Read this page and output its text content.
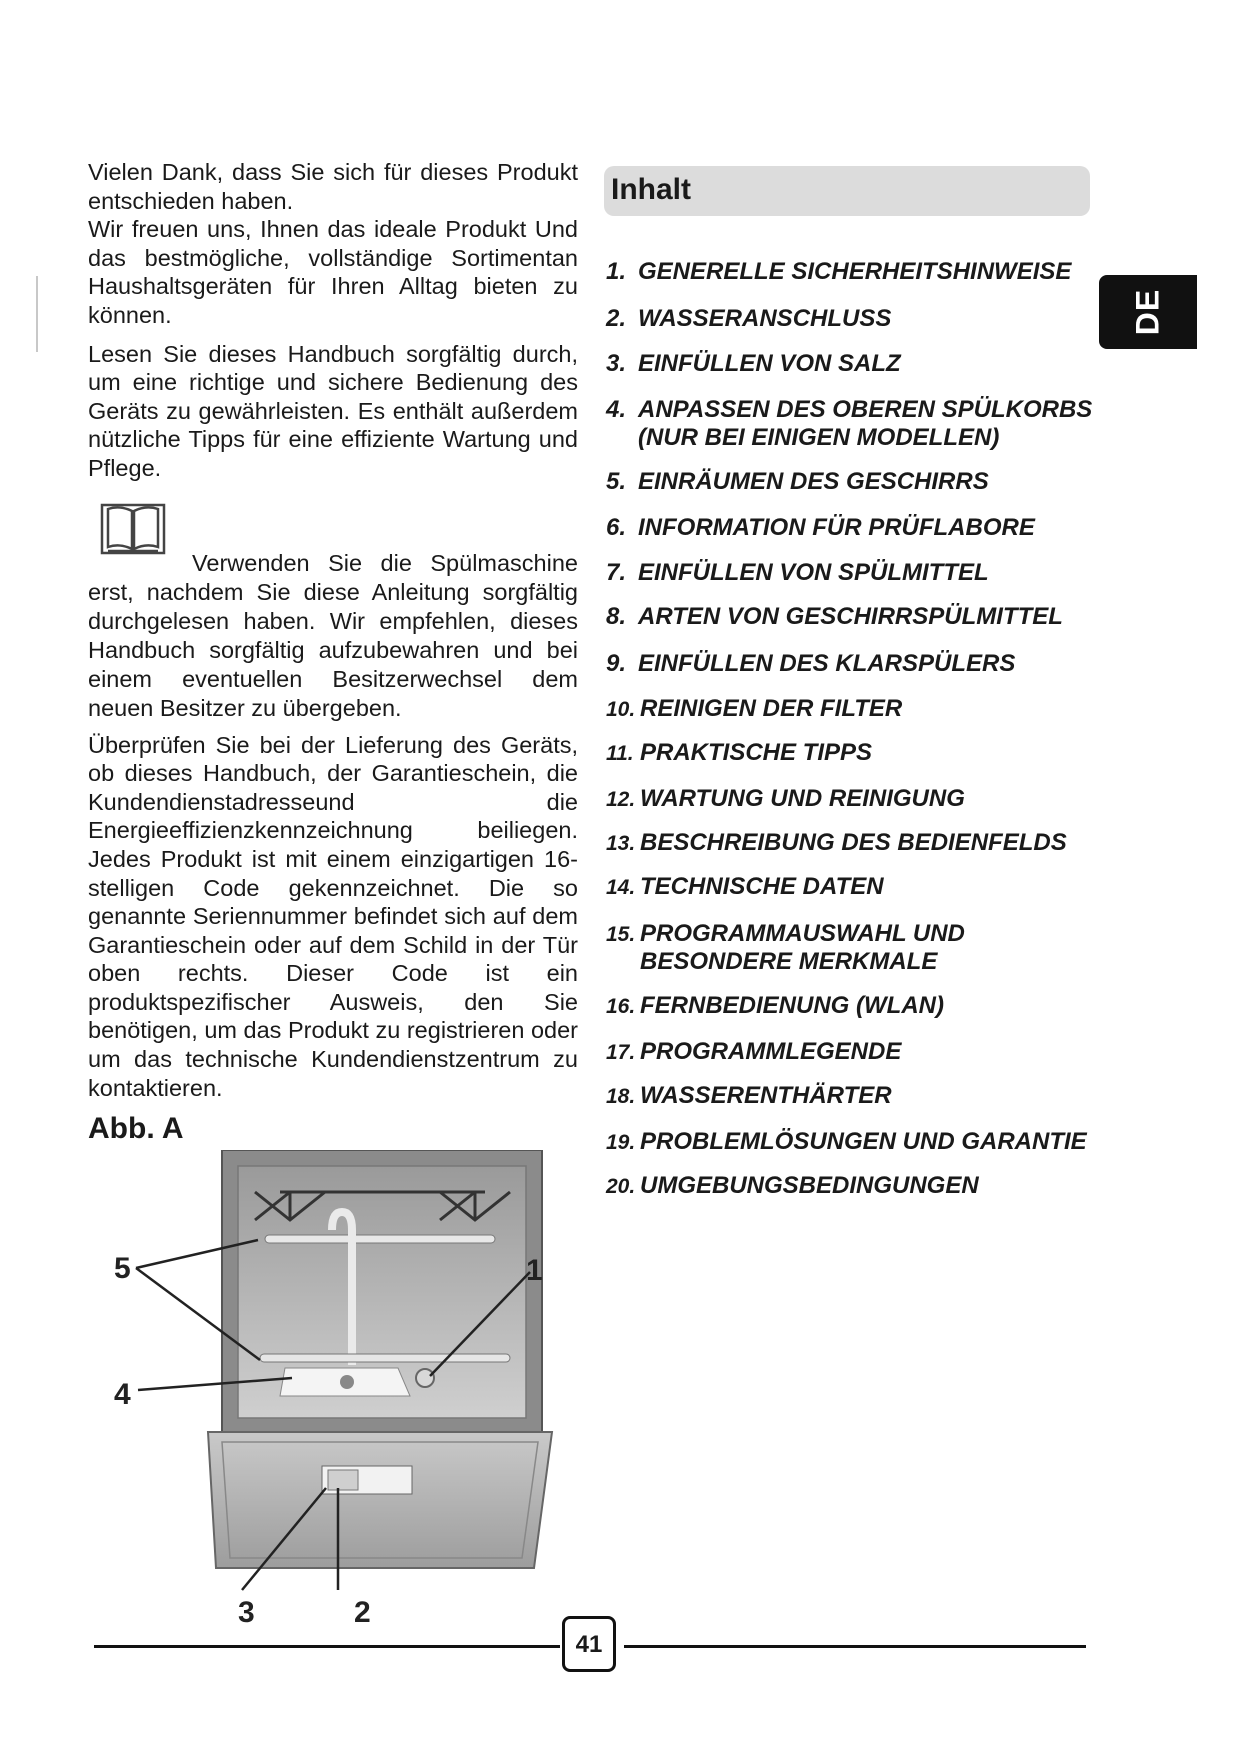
Vielen Dank, dass Sie sich für dieses Produkt entschieden haben.

Wir freuen uns, Ihnen das ideale Produkt Und das bestmögliche, vollständige Sortimentan Haushaltsgeräten für Ihren Alltag bieten zu können.

Lesen Sie dieses Handbuch sorgfältig durch, um eine richtige und sichere Bedienung des Geräts zu gewährleisten. Es enthält außerdem nützliche Tipps für eine effiziente Wartung und Pflege.

Verwenden Sie die Spülmaschine erst, nachdem Sie diese Anleitung sorgfältig durchgelesen haben. Wir empfehlen, dieses Handbuch sorgfältig aufzubewahren und bei einem eventuellen Besitzerwechsel dem neuen Besitzer zu übergeben.

Überprüfen Sie bei der Lieferung des Geräts, ob dieses Handbuch, der Garantieschein, die Kundendienstadresseund die Energieeffizienzkennzeichnung beiliegen. Jedes Produkt ist mit einem einzigartigen 16-stelligen Code gekennzeichnet. Die so genannte Seriennummer befindet sich auf dem Garantieschein oder auf dem Schild in der Tür oben rechts. Dieser Code ist ein produktspezifischer Ausweis, den Sie benötigen, um das Produkt zu registrieren oder um das technische Kundendienstzentrum zu kontaktieren.

Abb. A

5	1
4
3	2

Inhalt

1. GENERELLE SICHERHEITSHINWEISE
2. WASSERANSCHLUSS
3. EINFÜLLEN VON SALZ
4. ANPASSEN DES OBEREN SPÜLKORBS
(NUR BEI EINIGEN MODELLEN)
5. EINRÄUMEN DES GESCHIRRS
6. INFORMATION FÜR PRÜFLABORE
7. EINFÜLLEN VON SPÜLMITTEL
8. ARTEN VON GESCHIRRSPÜLMITTEL
9. EINFÜLLEN DES KLARSPÜLERS
10. REINIGEN DER FILTER
11. PRAKTISCHE TIPPS
12. WARTUNG UND REINIGUNG
13. BESCHREIBUNG DES BEDIENFELDS
14. TECHNISCHE DATEN
15. PROGRAMMAUSWAHL UND
BESONDERE MERKMALE
16. FERNBEDIENUNG (WLAN)
17. PROGRAMMLEGENDE
18. WASSERENTHÄRTER
19. PROBLEMLÖSUNGEN UND GARANTIE
20. UMGEBUNGSBEDINGUNGEN
DE
41
